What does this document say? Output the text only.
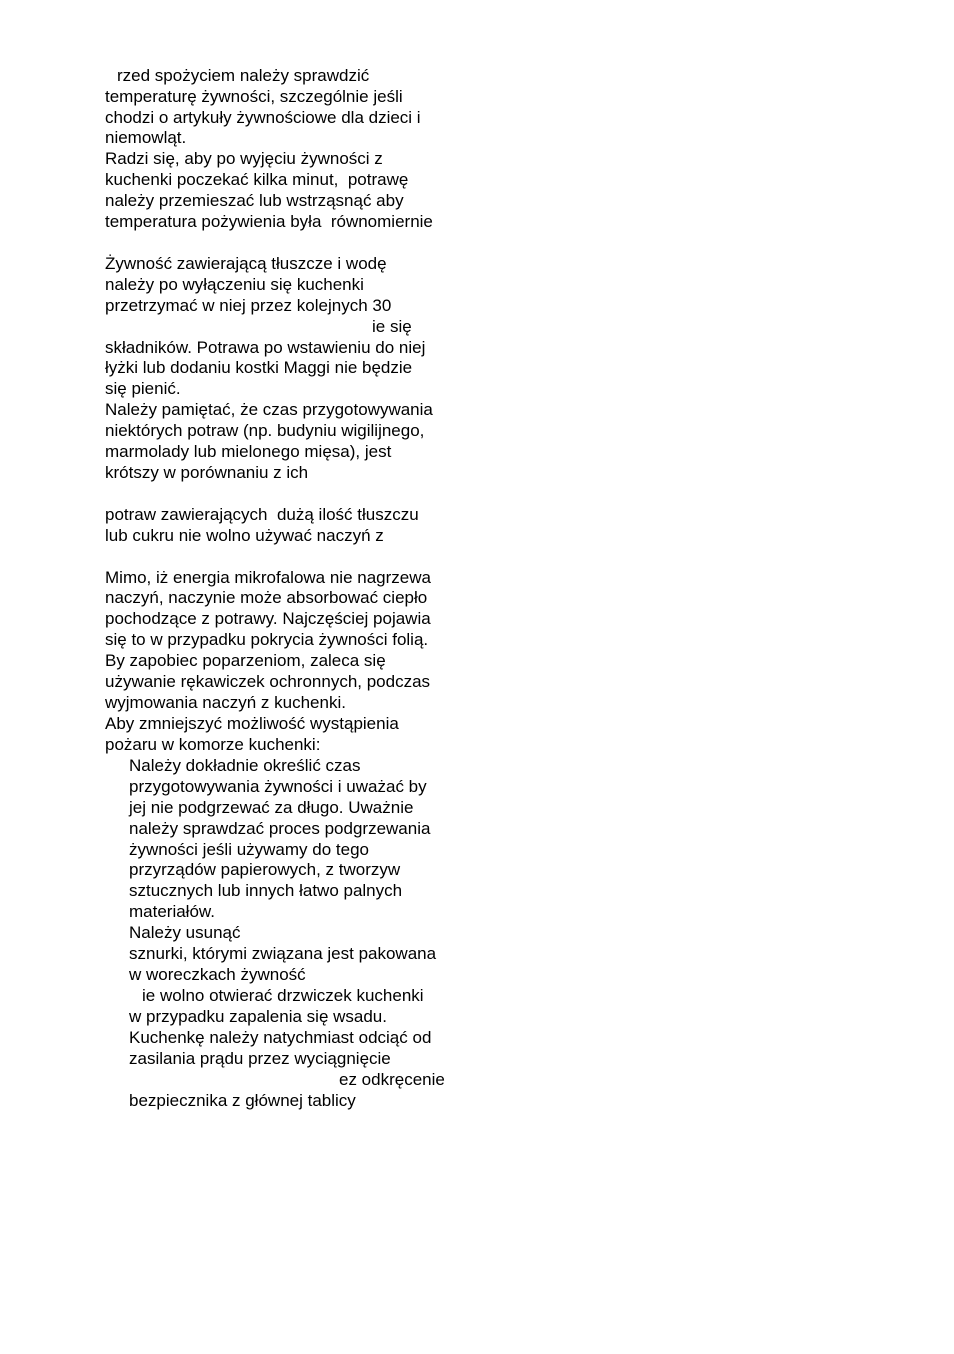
rzed spożyciem należy sprawdzić
temperaturę żywności, szczególnie jeśli
chodzi o artykuły żywnościowe dla dzieci i
niemowląt.
Radzi się, aby po wyjęciu żywności z
kuchenki poczekać kilka minut,  potrawę
należy przemieszać lub wstrząsnąć aby
temperatura pożywienia była  równomiernie
Żywność zawierającą tłuszcze i wodę
należy po wyłączeniu się kuchenki
przetrzymać w niej przez kolejnych 30
ie się
składników. Potrawa po wstawieniu do niej
łyżki lub dodaniu kostki Maggi nie będzie
się pienić.
Należy pamiętać, że czas przygotowywania
niektórych potraw (np. budyniu wigilijnego,
marmolady lub mielonego mięsa), jest
krótszy w porównaniu z ich
potraw zawierających  dużą ilość tłuszczu
lub cukru nie wolno używać naczyń z
Mimo, iż energia mikrofalowa nie nagrzewa
naczyń, naczynie może absorbować ciepło
pochodzące z potrawy. Najczęściej pojawia
się to w przypadku pokrycia żywności folią.
By zapobiec poparzeniom, zaleca się
używanie rękawiczek ochronnych, podczas
wyjmowania naczyń z kuchenki.
Aby zmniejszyć możliwość wystąpienia
pożaru w komorze kuchenki:
Należy dokładnie określić czas
przygotowywania żywności i uważać by
jej nie podgrzewać za długo. Uważnie
należy sprawdzać proces podgrzewania
żywności jeśli używamy do tego
przyrządów papierowych, z tworzyw
sztucznych lub innych łatwo palnych
materiałów.
Należy usunąć
sznurki, którymi związana jest pakowana
w woreczkach żywność
ie wolno otwierać drzwiczek kuchenki
w przypadku zapalenia się wsadu.
Kuchenkę należy natychmiast odciąć od
zasilania prądu przez wyciągnięcie
ez odkręcenie
bezpiecznika z głównej tablicy
